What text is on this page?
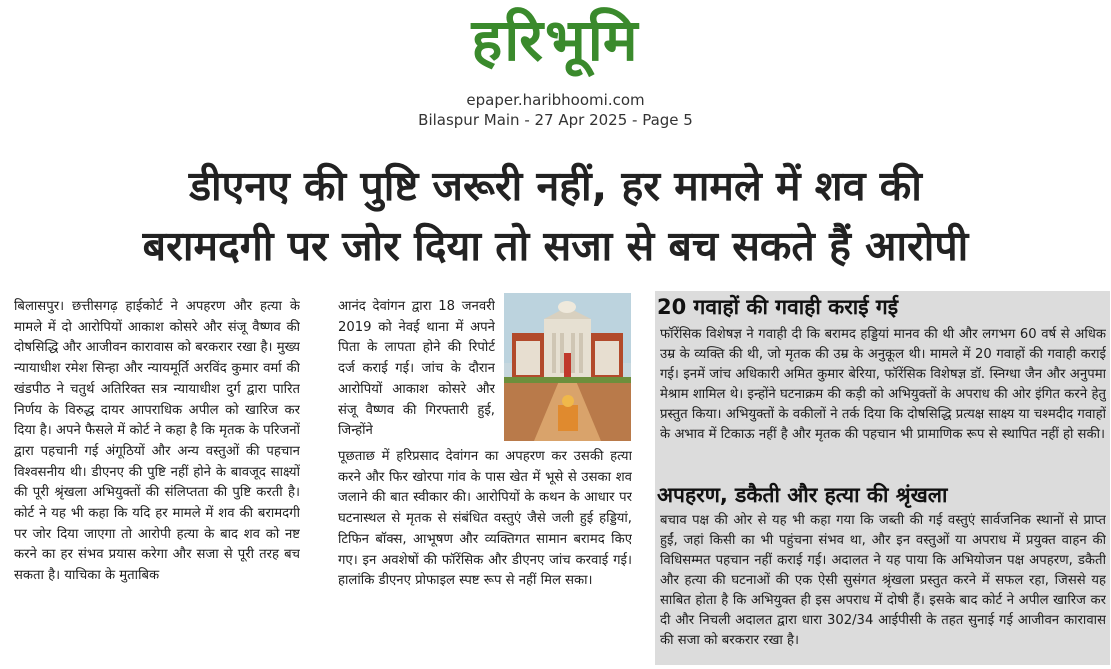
हरिभूमि
epaper.haribhoomi.com
Bilaspur Main - 27 Apr 2025 - Page 5
डीएनए की पुष्टि जरूरी नहीं, हर मामले में शव की
बरामदगी पर जोर दिया तो सजा से बच सकते हैं आरोपी
बिलासपुर। छत्तीसगढ़ हाईकोर्ट ने अपहरण और हत्या के मामले में दो आरोपियों आकाश कोसरे और संजू वैष्णव की दोषसिद्धि और आजीवन कारावास को बरकरार रखा है। मुख्य न्यायाधीश रमेश सिन्हा और न्यायमूर्ति अरविंद कुमार वर्मा की खंडपीठ ने चतुर्थ अतिरिक्त सत्र न्यायाधीश दुर्ग द्वारा पारित निर्णय के विरुद्ध दायर आपराधिक अपील को खारिज कर दिया है। अपने फैसले में कोर्ट ने कहा है कि मृतक के परिजनों द्वारा पहचानी गई अंगूठियों और अन्य वस्तुओं की पहचान विश्वसनीय थी। डीएनए की पुष्टि नहीं होने के बावजूद साक्ष्यों की पूरी श्रृंखला अभियुक्तों की संलिप्तता की पुष्टि करती है। कोर्ट ने यह भी कहा कि यदि हर मामले में शव की बरामदगी पर जोर दिया जाएगा तो आरोपी हत्या के बाद शव को नष्ट करने का हर संभव प्रयास करेगा और सजा से पूरी तरह बच सकता है। याचिका के मुताबिक
आनंद देवांगन द्वारा 18 जनवरी 2019 को नेवई थाना में अपने पिता के लापता होने की रिपोर्ट दर्ज कराई गई। जांच के दौरान आरोपियों आकाश कोसरे और संजू वैष्णव की गिरफ्तारी हुई, जिन्होंने
पूछताछ में हरिप्रसाद देवांगन का अपहरण कर उसकी हत्या करने और फिर खोरपा गांव के पास खेत में भूसे से उसका शव जलाने की बात स्वीकार की। आरोपियों के कथन के आधार पर घटनास्थल से मृतक से संबंधित वस्तुएं जैसे जली हुई हड्डियां, टिफिन बॉक्स, आभूषण और व्यक्तिगत सामान बरामद किए गए। इन अवशेषों की फॉरेंसिक और डीएनए जांच करवाई गई। हालांकि डीएनए प्रोफाइल स्पष्ट रूप से नहीं मिल सका।
20 गवाहों की गवाही कराई गई
फॉरेंसिक विशेषज्ञ ने गवाही दी कि बरामद हड्डियां मानव की थी और लगभग 60 वर्ष से अधिक उम्र के व्यक्ति की थी, जो मृतक की उम्र के अनुकूल थी। मामले में 20 गवाहों की गवाही कराई गई। इनमें जांच अधिकारी अमित कुमार बेरिया, फॉरेंसिक विशेषज्ञ डॉ. स्निग्धा जैन और अनुपमा मेश्राम शामिल थे। इन्होंने घटनाक्रम की कड़ी को अभियुक्तों के अपराध की ओर इंगित करने हेतु प्रस्तुत किया। अभियुक्तों के वकीलों ने तर्क दिया कि दोषसिद्धि प्रत्यक्ष साक्ष्य या चश्मदीद गवाहों के अभाव में टिकाऊ नहीं है और मृतक की पहचान भी प्रामाणिक रूप से स्थापित नहीं हो सकी।
अपहरण, डकैती और हत्या की श्रृंखला
बचाव पक्ष की ओर से यह भी कहा गया कि जब्ती की गई वस्तुएं सार्वजनिक स्थानों से प्राप्त हुईं, जहां किसी का भी पहुंचना संभव था, और इन वस्तुओं या अपराध में प्रयुक्त वाहन की विधिसम्मत पहचान नहीं कराई गई। अदालत ने यह पाया कि अभियोजन पक्ष अपहरण, डकैती और हत्या की घटनाओं की एक ऐसी सुसंगत श्रृंखला प्रस्तुत करने में सफल रहा, जिससे यह साबित होता है कि अभियुक्त ही इस अपराध में दोषी हैं। इसके बाद कोर्ट ने अपील खारिज कर दी और निचली अदालत द्वारा धारा 302/34 आईपीसी के तहत सुनाई गई आजीवन कारावास की सजा को बरकरार रखा है।
